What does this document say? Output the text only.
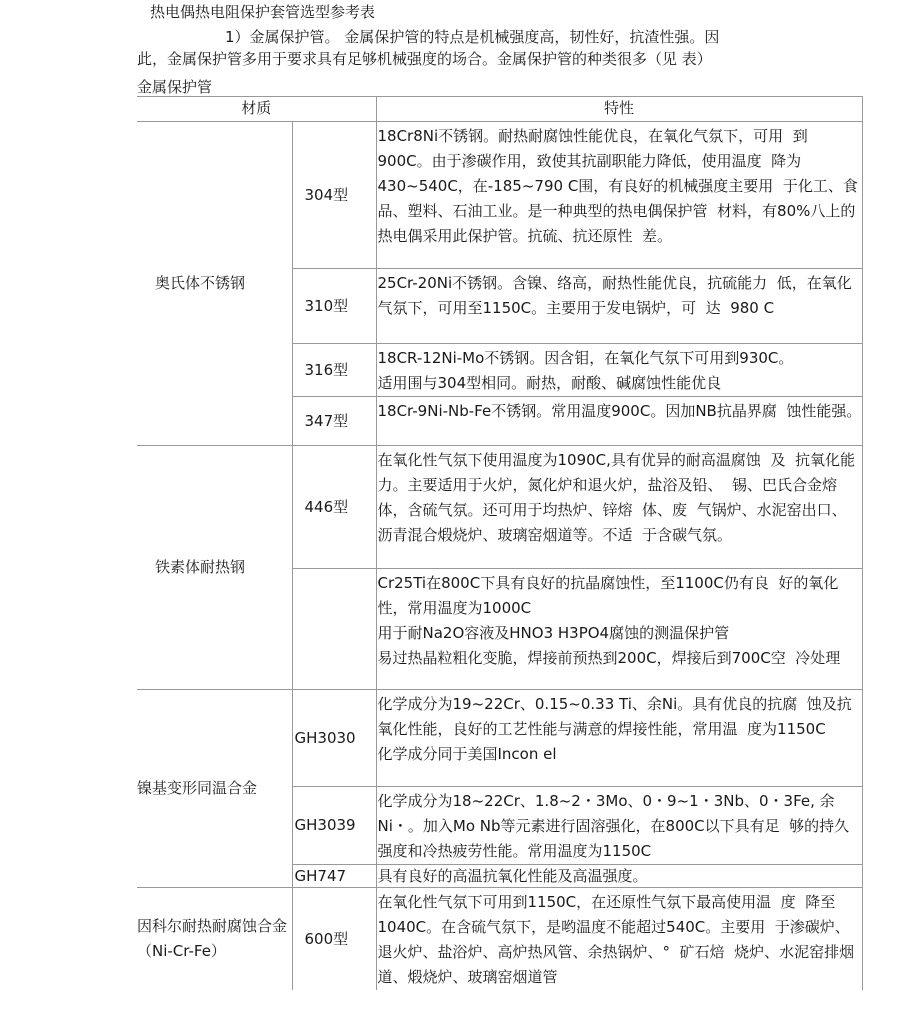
热电偶热电阻保护套管选型参考表
1）金属保护管。 金属保护管的特点是机械强度高，韧性好，抗渣性强。因
此，金属保护管多用于要求具有足够机械强度的场合。金属保护管的种类很多（见 表）
金属保护管
材质		特性
奥氏体不锈钢	304型	18Cr8Ni不锈钢。耐热耐腐蚀性能优良，在氧化气氛下，可用  到900C。由于渗碳作用，致使其抗副职能力降低，使用温度  降为430~540C，在-185~790 C围，有良好的机械强度主要用  于化工、食品、塑料、石油工业。是一种典型的热电偶保护管  材料，有80%八上的热电偶采用此保护管。抗硫、抗还原性  差。
	310型	25Cr-20Ni不锈钢。含镍、络高，耐热性能优良，抗硫能力  低，在氧化气氛下，可用至1150C。主要用于发电锅炉，可  达  980 C
	316型	18CR-12Ni-Mo不锈钢。因含钼，在氧化气氛下可用到930C。
适用围与304型相同。耐热，耐酸、碱腐蚀性能优良
	347型	18Cr-9Ni-Nb-Fe不锈钢。常用温度900C。因加NB抗晶界腐  蚀性能强。
铁素体耐热钢	446型	在氧化性气氛下使用温度为1090C,具有优异的耐高温腐蚀  及  抗氧化能力。主要适用于火炉，氮化炉和退火炉，盐浴及铅、  锡、巴氏合金熔体，含硫气氛。还可用于均热炉、锌熔  体、废  气锅炉、水泥窑出口、沥青混合煅烧炉、玻璃窑烟道等。不适  于含碳气氛。
		Cr25Ti在800C下具有良好的抗晶腐蚀性，至1100C仍有良  好的氧化性，常用温度为1000C
用于耐Na2O容液及HNO3 H3PO4腐蚀的测温保护管
易过热晶粒粗化变脆，焊接前预热到200C，焊接后到700C空  冷处理
镍基变形同温合金	GH3030	化学成分为19~22Cr、0.15~0.33 Ti、余Ni。具有优良的抗腐  蚀及抗氧化性能，良好的工艺性能与满意的焊接性能，常用温  度为1150C
化学成分同于美国Incon el
	GH3039	化学成分为18~22Cr、1.8~2・3Mo、0・9~1・3Nb、0・3Fe, 余Ni・。加入Mo Nb等元素进行固溶强化，在800C以下具有足  够的持久强度和冷热疲劳性能。常用温度为1150C
	GH747	具有良好的高温抗氧化性能及高温强度。
因科尔耐热耐腐蚀合金（Ni-Cr-Fe）	600型	在氧化性气氛下可用到1150C，在还原性气氛下最高使用温  度  降至1040C。在含硫气氛下，是哟温度不能超过540C。主要用  于渗碳炉、退火炉、盐浴炉、高炉热风管、余热锅炉、°  矿石焙  烧炉、水泥窑排烟道、煅烧炉、玻璃窑烟道管
